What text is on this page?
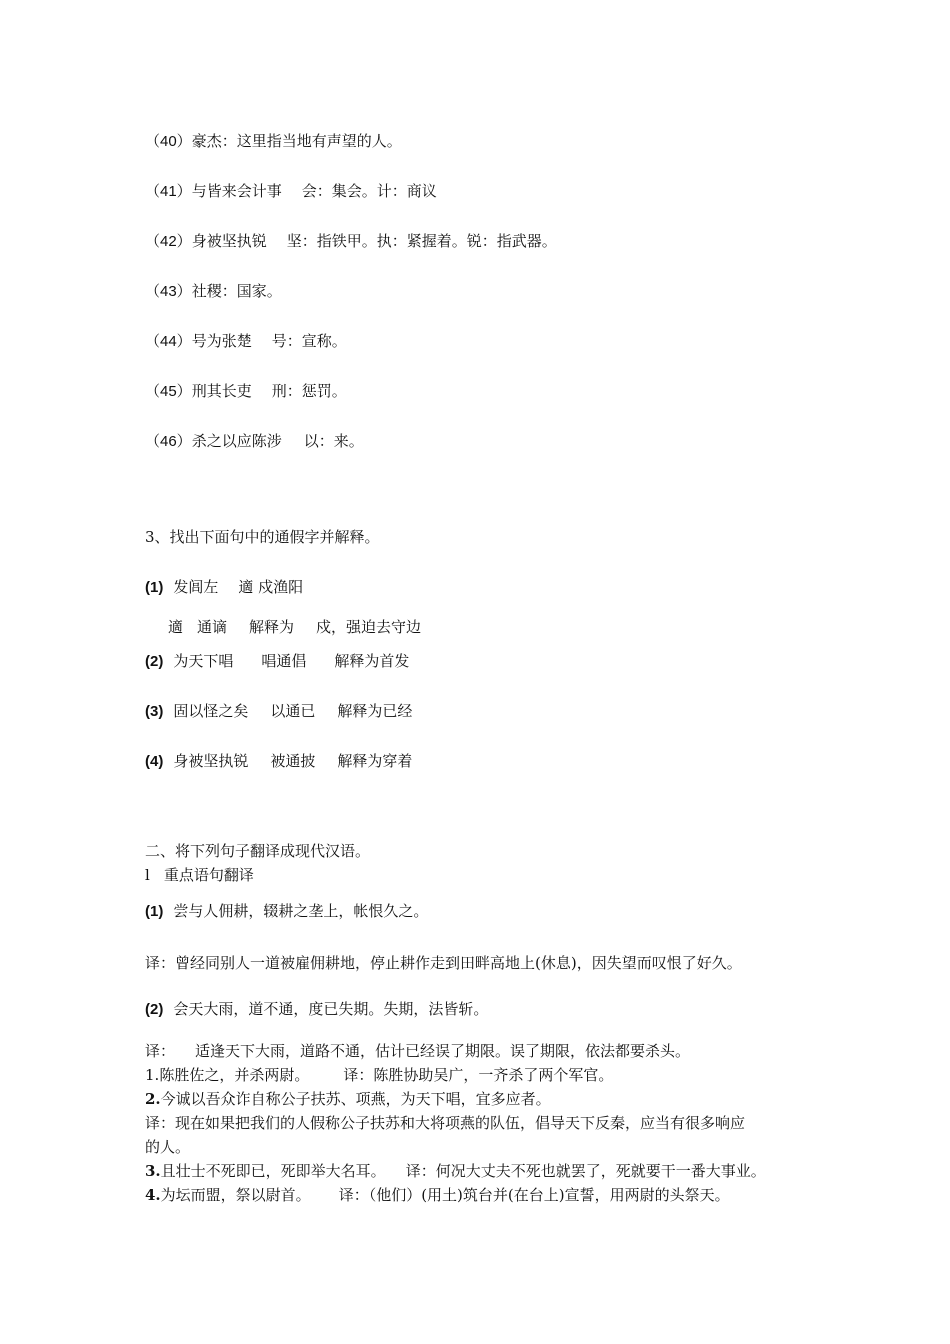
（40）豪杰：这里指当地有声望的人。
（41）与皆来会计事 会：集会。计：商议
（42）身被坚执锐 坚：指铁甲。执：紧握着。锐：指武器。
（43）社稷：国家。
（44）号为张楚 号：宣称。
（45）刑其长吏 刑：惩罚。
（46）杀之以应陈涉 以：来。
3、找出下面句中的通假字并解释。
(1) 发闾左 適 戍渔阳
適 通谪 解释为 戍，强迫去守边
(2) 为天下唱 唱通倡 解释为首发
(3) 固以怪之矣 以通已 解释为已经
(4) 身被坚执锐 被通披 解释为穿着
二、将下列句子翻译成现代汉语。
l 重点语句翻译
(1) 尝与人佣耕，辍耕之垄上，帐恨久之。
译：曾经同别人一道被雇佣耕地，停止耕作走到田畔高地上(休息)，因失望而叹恨了好久。
(2) 会天大雨，道不通，度已失期。失期，法皆斩。
译： 适逢天下大雨，道路不通，估计已经误了期限。误了期限，依法都要杀头。
1.陈胜佐之，并杀两尉。 译：陈胜协助吴广，一齐杀了两个军官。
2.今诚以吾众诈自称公子扶苏、项燕，为天下唱，宜多应者。
译：现在如果把我们的人假称公子扶苏和大将项燕的队伍，倡导天下反秦，应当有很多响应
的人。
3.且壮士不死即已，死即举大名耳。 译：何况大丈夫不死也就罢了，死就要干一番大事业。
4.为坛而盟，祭以尉首。 译：（他们）(用土)筑台并(在台上)宣誓，用两尉的头祭天。
